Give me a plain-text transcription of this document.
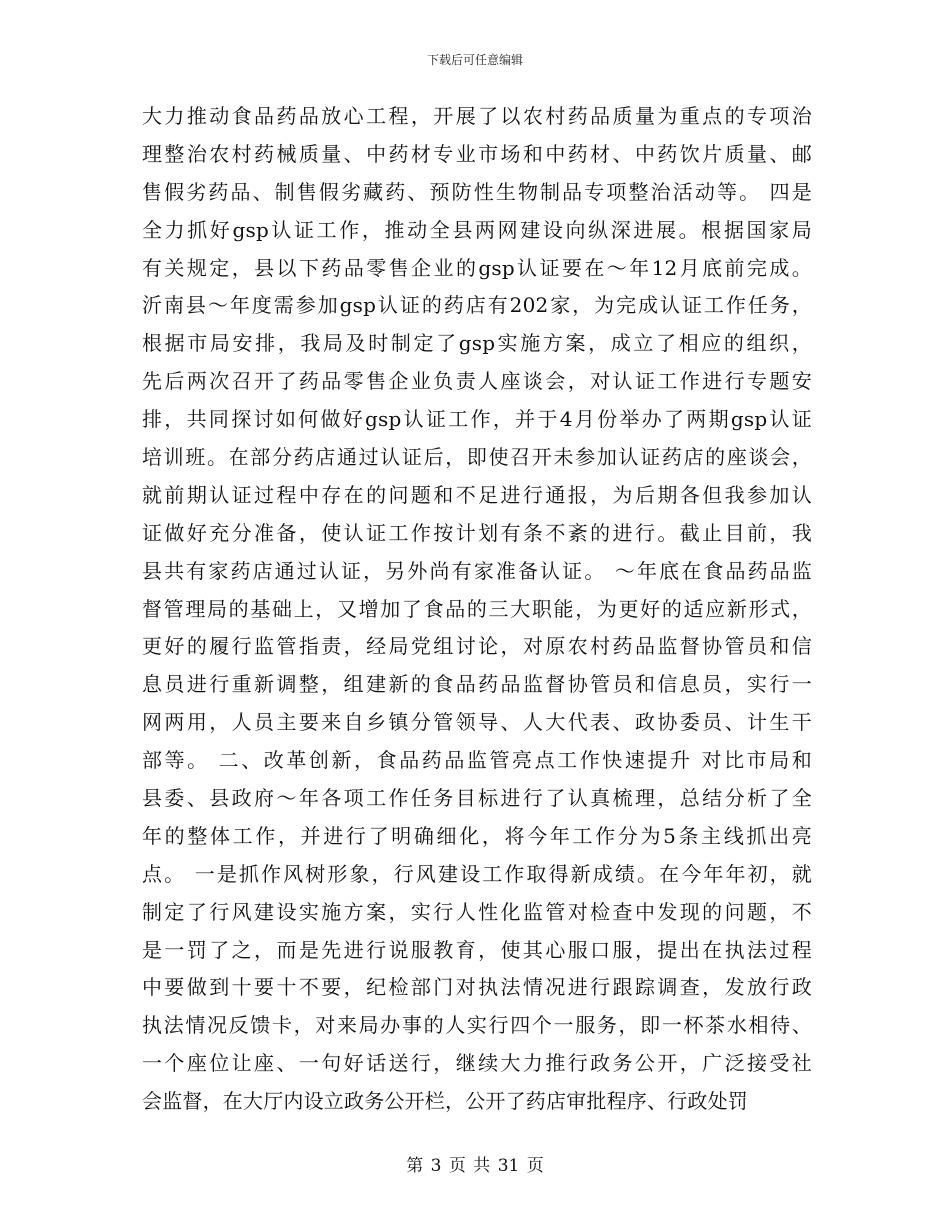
下载后可任意编辑
大力推动食品药品放心工程，开展了以农村药品质量为重点的专项治
理整治农村药械质量、中药材专业市场和中药材、中药饮片质量、邮
售假劣药品、制售假劣藏药、预防性生物制品专项整治活动等。 四是
全力抓好gsp认证工作，推动全县两网建设向纵深进展。根据国家局
有关规定，县以下药品零售企业的gsp认证要在～年12月底前完成。
沂南县～年度需参加gsp认证的药店有202家，为完成认证工作任务，
根据市局安排，我局及时制定了gsp实施方案，成立了相应的组织，
先后两次召开了药品零售企业负责人座谈会，对认证工作进行专题安
排，共同探讨如何做好gsp认证工作，并于4月份举办了两期gsp认证
培训班。在部分药店通过认证后，即使召开未参加认证药店的座谈会，
就前期认证过程中存在的问题和不足进行通报，为后期各但我参加认
证做好充分准备，使认证工作按计划有条不紊的进行。截止目前，我
县共有家药店通过认证，另外尚有家准备认证。 ～年底在食品药品监
督管理局的基础上，又增加了食品的三大职能，为更好的适应新形式，
更好的履行监管指责，经局党组讨论，对原农村药品监督协管员和信
息员进行重新调整，组建新的食品药品监督协管员和信息员，实行一
网两用，人员主要来自乡镇分管领导、人大代表、政协委员、计生干
部等。 二、改革创新，食品药品监管亮点工作快速提升 对比市局和
县委、县政府～年各项工作任务目标进行了认真梳理，总结分析了全
年的整体工作，并进行了明确细化，将今年工作分为5条主线抓出亮
点。 一是抓作风树形象，行风建设工作取得新成绩。在今年年初，就
制定了行风建设实施方案，实行人性化监管对检查中发现的问题，不
是一罚了之，而是先进行说服教育，使其心服口服，提出在执法过程
中要做到十要十不要，纪检部门对执法情况进行跟踪调查，发放行政
执法情况反馈卡，对来局办事的人实行四个一服务，即一杯茶水相待、
一个座位让座、一句好话送行，继续大力推行政务公开，广泛接受社
会监督，在大厅内设立政务公开栏，公开了药店审批程序、行政处罚
第 3 页 共 31 页
